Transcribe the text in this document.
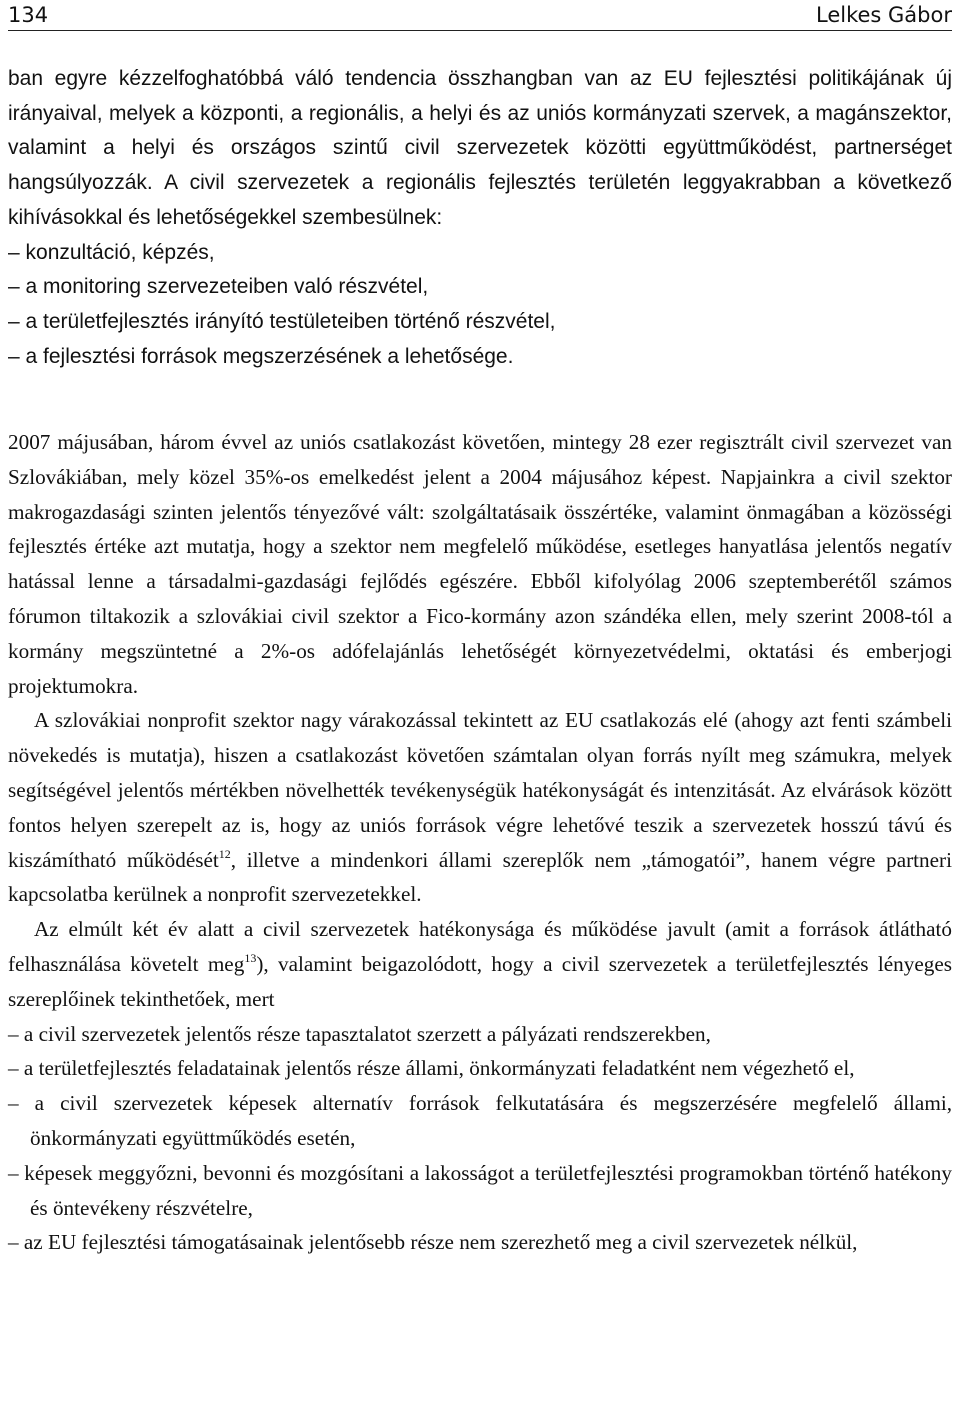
134	Lelkes Gábor

ban egyre kézzelfoghatóbbá váló tendencia összhangban van az EU fejlesztési politikájának új irányaival, melyek a központi, a regionális, a helyi és az uniós kormányzati szervek, a magánszektor, valamint a helyi és országos szintű civil szervezetek közötti együttműködést, partnerséget hangsúlyozzák. A civil szervezetek a regionális fejlesztés területén leggyakrabban a következő kihívásokkal és lehetőségekkel szembesülnek:

– konzultáció, képzés,
– a monitoring szervezeteiben való részvétel,
– a területfejlesztés irányító testületeiben történő részvétel,
– a fejlesztési források megszerzésének a lehetősége.

2007 májusában, három évvel az uniós csatlakozást követően, mintegy 28 ezer regisztrált civil szervezet van Szlovákiában, mely közel 35%-os emelkedést jelent a 2004 májusához képest. Napjainkra a civil szektor makrogazdasági szinten jelentős tényezővé vált: szolgáltatásaik összértéke, valamint önmagában a közösségi fejlesztés értéke azt mutatja, hogy a szektor nem megfelelő működése, esetleges hanyatlása jelentős negatív hatással lenne a társadalmi-gazdasági fejlődés egészére. Ebből kifolyólag 2006 szeptemberétől számos fórumon tiltakozik a szlovákiai civil szektor a Fico-kormány azon szándéka ellen, mely szerint 2008-tól a kormány megszüntetné a 2%-os adófelajánlás lehetőségét környezetvédelmi, oktatási és emberjogi projektumokra.

A szlovákiai nonprofit szektor nagy várakozással tekintett az EU csatlakozás elé (ahogy azt fenti számbeli növekedés is mutatja), hiszen a csatlakozást követően számtalan olyan forrás nyílt meg számukra, melyek segítségével jelentős mértékben növelhették tevékenységük hatékonyságát és intenzitását. Az elvárások között fontos helyen szerepelt az is, hogy az uniós források végre lehetővé teszik a szervezetek hosszú távú és kiszámítható működését$^{12}$, illetve a mindenkori állami szereplők nem „támogatói”, hanem végre partneri kapcsolatba kerülnek a nonprofit szervezetekkel.

Az elmúlt két év alatt a civil szervezetek hatékonysága és működése javult (amit a források átlátható felhasználása követelt meg$^{13}$), valamint beigazolódott, hogy a civil szervezetek a területfejlesztés lényeges szereplőinek tekinthetőek, mert

– a civil szervezetek jelentős része tapasztalatot szerzett a pályázati rendszerekben,
– a területfejlesztés feladatainak jelentős része állami, önkormányzati feladatként nem végezhető el,
– a civil szervezetek képesek alternatív források felkutatására és megszerzésére megfelelő állami, önkormányzati együttműködés esetén,
– képesek meggyőzni, bevonni és mozgósítani a lakosságot a területfejlesztési programokban történő hatékony és öntevékeny részvételre,
– az EU fejlesztési támogatásainak jelentősebb része nem szerezhető meg a civil szervezetek nélkül,
